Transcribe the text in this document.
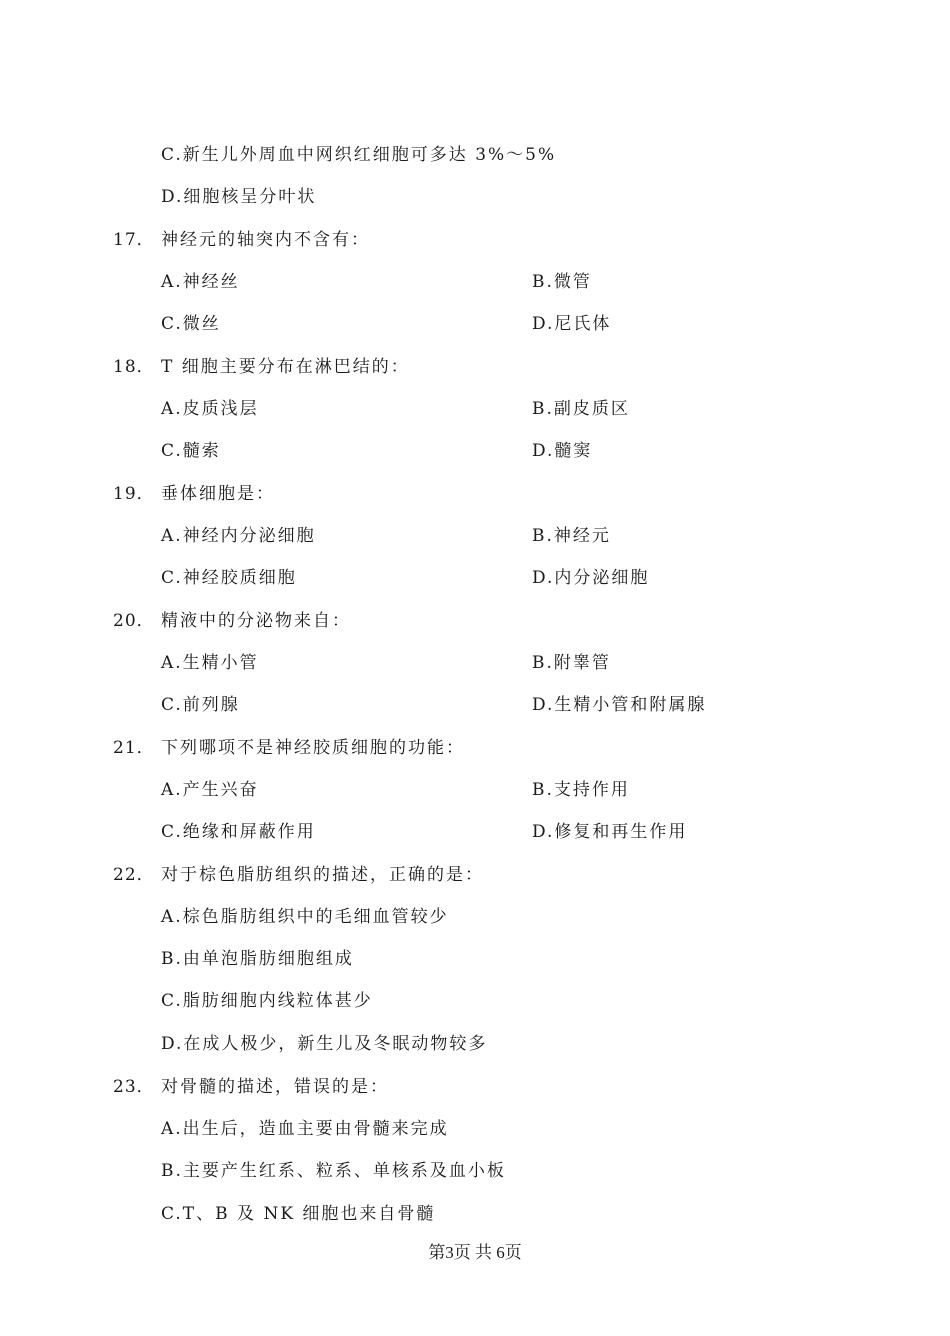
C.新生儿外周血中网织红细胞可多达 3%～5%
D.细胞核呈分叶状
17． 神经元的轴突内不含有：
A.神经丝	B.微管
C.微丝	D.尼氏体
18． T 细胞主要分布在淋巴结的：
A.皮质浅层	B.副皮质区
C.髓索	D.髓窦
19． 垂体细胞是：
A.神经内分泌细胞	B.神经元
C.神经胶质细胞	D.内分泌细胞
20． 精液中的分泌物来自：
A.生精小管	B.附睾管
C.前列腺	D.生精小管和附属腺
21． 下列哪项不是神经胶质细胞的功能：
A.产生兴奋	B.支持作用
C.绝缘和屏蔽作用	D.修复和再生作用
22． 对于棕色脂肪组织的描述，正确的是：
A.棕色脂肪组织中的毛细血管较少
B.由单泡脂肪细胞组成
C.脂肪细胞内线粒体甚少
D.在成人极少，新生儿及冬眠动物较多
23． 对骨髓的描述，错误的是：
A.出生后，造血主要由骨髓来完成
B.主要产生红系、粒系、单核系及血小板
C.T、B 及 NK 细胞也来自骨髓
第3页 共 6页
